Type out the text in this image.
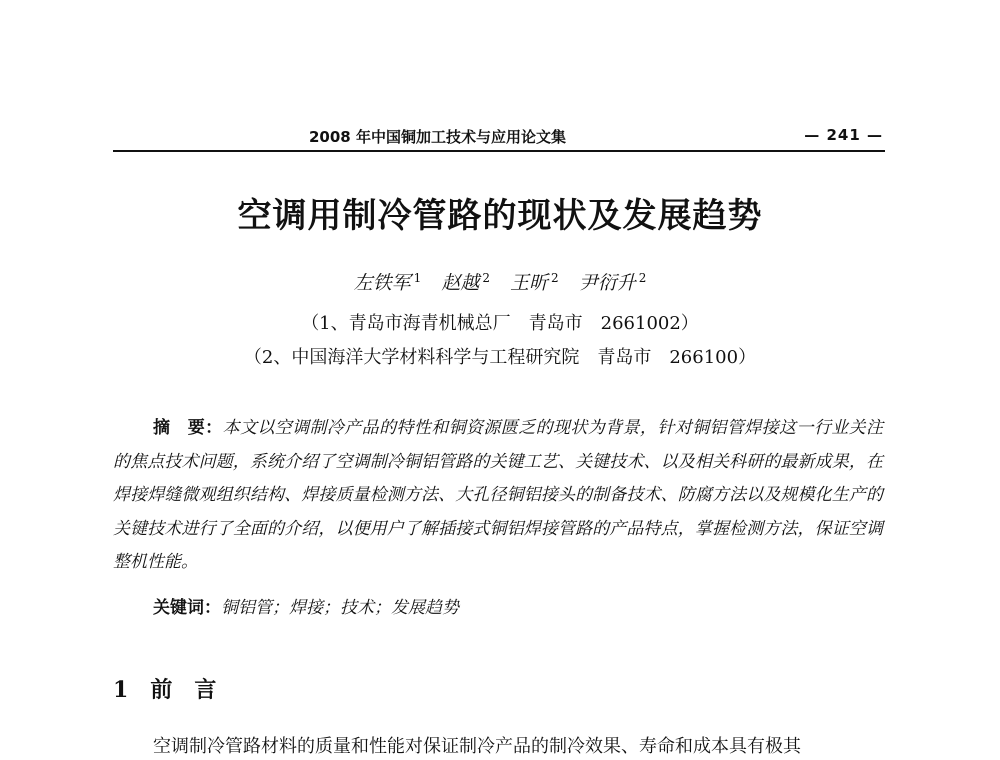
2008 年中国铜加工技术与应用论文集	— 241 —
空调用制冷管路的现状及发展趋势
左铁军 $^1$ 赵越 $^2$ 王昕 $^2$ 尹衍升 $^2$
（1、青岛市海青机械总厂　青岛市　2661002）
（2、中国海洋大学材料科学与工程研究院　青岛市　266100）

摘　要：本文以空调制冷产品的特性和铜资源匮乏的现状为背景，针对铜铝管焊接这一行业关注的焦点技术问题，系统介绍了空调制冷铜铝管路的关键工艺、关键技术、以及相关科研的最新成果，在焊接焊缝微观组织结构、焊接质量检测方法、大孔径铜铝接头的制备技术、防腐方法以及规模化生产的关键技术进行了全面的介绍，以便用户了解插接式铜铝焊接管路的产品特点，掌握检测方法，保证空调整机性能。

关键词：铜铝管；焊接；技术；发展趋势
1 前　言
空调制冷管路材料的质量和性能对保证制冷产品的制冷效果、寿命和成本具有极其
